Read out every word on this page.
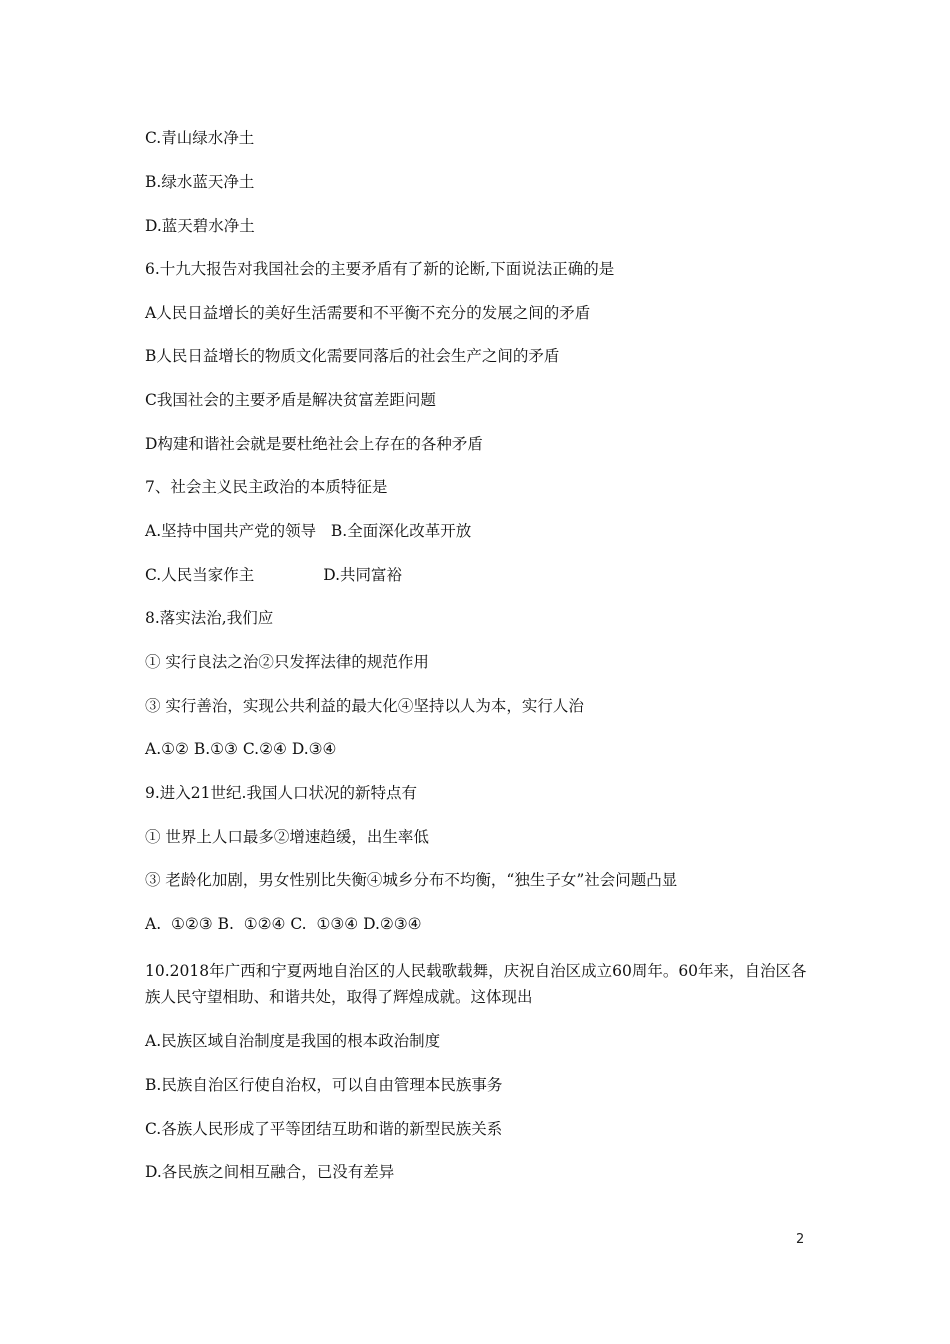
C.青山绿水净土
B.绿水蓝天净土
D.蓝天碧水净土
6.十九大报告对我国社会的主要矛盾有了新的论断,下面说法正确的是
A人民日益增长的美好生活需要和不平衡不充分的发展之间的矛盾
B人民日益增长的物质文化需要同落后的社会生产之间的矛盾
C我国社会的主要矛盾是解决贫富差距问题
D构建和谐社会就是要杜绝社会上存在的各种矛盾
7、社会主义民主政治的本质特征是
A.坚持中国共产党的领导   B.全面深化改革开放
C.人民当家作主              D.共同富裕
8.落实法治,我们应
① 实行良法之治②只发挥法律的规范作用
③ 实行善治，实现公共利益的最大化④坚持以人为本，实行人治
A.①② B.①③ C.②④ D.③④
9.进入21世纪.我国人口状况的新特点有
① 世界上人口最多②增速趋缓，出生率低
③ 老龄化加剧，男女性别比失衡④城乡分布不均衡，“独生子女”社会问题凸显
A.  ①②③ B.  ①②④ C.  ①③④ D.②③④
10.2018年广西和宁夏两地自治区的人民载歌载舞，庆祝自治区成立60周年。60年来，自治区各族人民守望相助、和谐共处，取得了辉煌成就。这体现出
A.民族区域自治制度是我国的根本政治制度
B.民族自治区行使自治权，可以自由管理本民族事务
C.各族人民形成了平等团结互助和谐的新型民族关系
D.各民族之间相互融合，已没有差异
2
